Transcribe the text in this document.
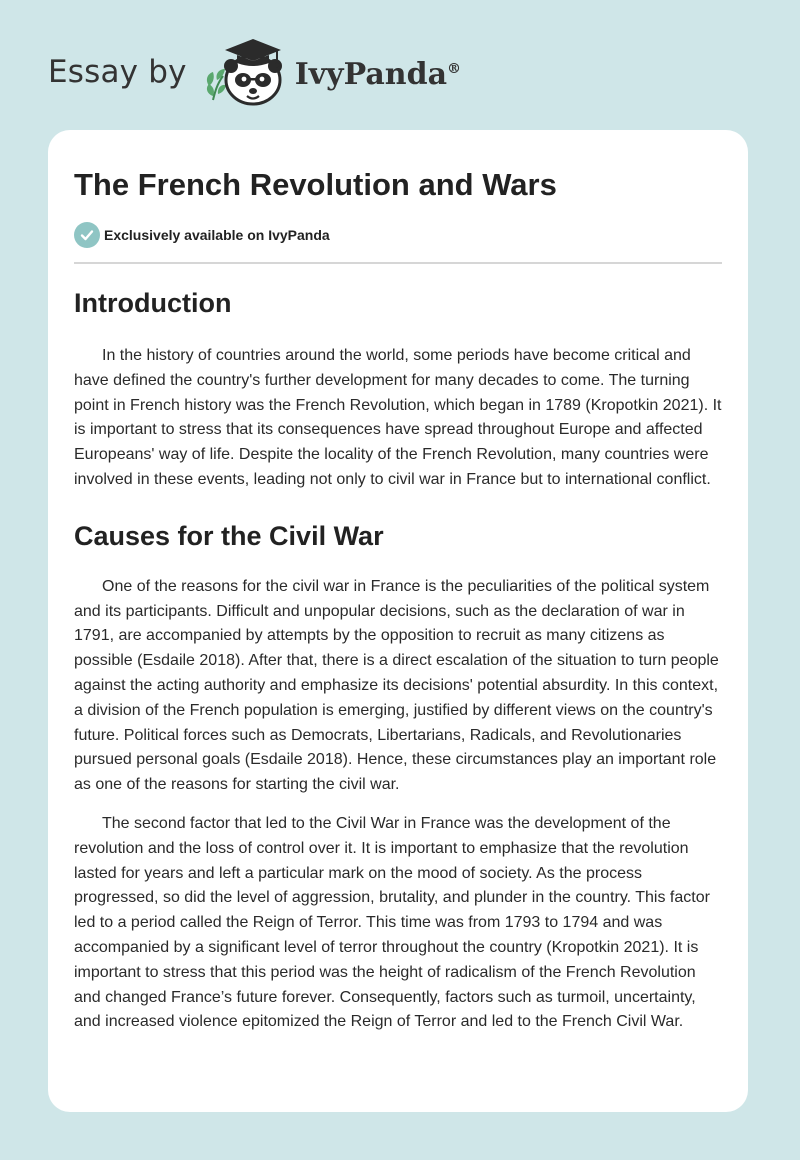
Essay by	IvyPanda®
The French Revolution and Wars
Exclusively available on IvyPanda
Introduction

In the history of countries around the world, some periods have become critical and have defined the country's further development for many decades to come. The turning point in French history was the French Revolution, which began in 1789 (Kropotkin 2021). It is important to stress that its consequences have spread throughout Europe and affected Europeans' way of life. Despite the locality of the French Revolution, many countries were involved in these events, leading not only to civil war in France but to international conflict.

Causes for the Civil War

One of the reasons for the civil war in France is the peculiarities of the political system and its participants. Difficult and unpopular decisions, such as the declaration of war in 1791, are accompanied by attempts by the opposition to recruit as many citizens as possible (Esdaile 2018). After that, there is a direct escalation of the situation to turn people against the acting authority and emphasize its decisions' potential absurdity. In this context, a division of the French population is emerging, justified by different views on the country's future. Political forces such as Democrats, Libertarians, Radicals, and Revolutionaries pursued personal goals (Esdaile 2018). Hence, these circumstances play an important role as one of the reasons for starting the civil war.

The second factor that led to the Civil War in France was the development of the revolution and the loss of control over it. It is important to emphasize that the revolution lasted for years and left a particular mark on the mood of society. As the process progressed, so did the level of aggression, brutality, and plunder in the country. This factor led to a period called the Reign of Terror. This time was from 1793 to 1794 and was accompanied by a significant level of terror throughout the country (Kropotkin 2021). It is important to stress that this period was the height of radicalism of the French Revolution and changed France’s future forever. Consequently, factors such as turmoil, uncertainty, and increased violence epitomized the Reign of Terror and led to the French Civil War.
